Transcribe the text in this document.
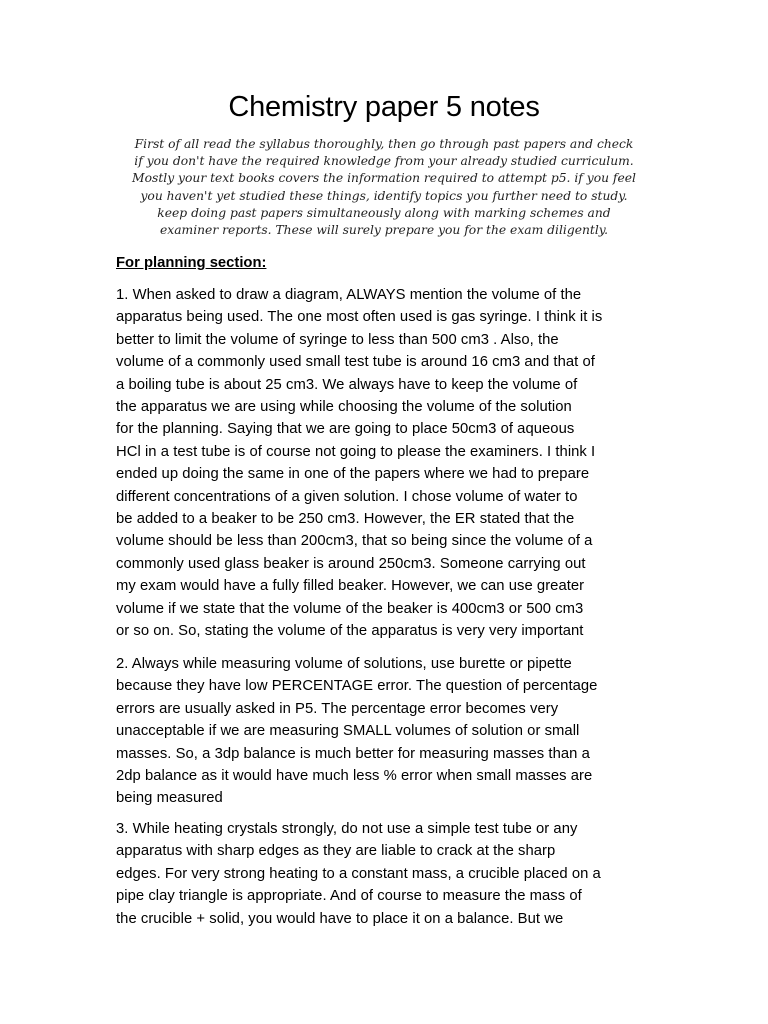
Chemistry paper 5 notes

First of all read the syllabus thoroughly, then go through past papers and check
if you don't have the required knowledge from your already studied curriculum.
Mostly your text books covers the information required to attempt p5. if you feel
you haven't yet studied these things, identify topics you further need to study.
keep doing past papers simultaneously along with marking schemes and
examiner reports. These will surely prepare you for the exam diligently.

For planning section:

1. When asked to draw a diagram, ALWAYS mention the volume of the
apparatus being used. The one most often used is gas syringe. I think it is
better to limit the volume of syringe to less than 500 cm3 . Also, the
volume of a commonly used small test tube is around 16 cm3 and that of
a boiling tube is about 25 cm3. We always have to keep the volume of
the apparatus we are using while choosing the volume of the solution
for the planning. Saying that we are going to place 50cm3 of aqueous
HCl in a test tube is of course not going to please the examiners. I think I
ended up doing the same in one of the papers where we had to prepare
different concentrations of a given solution. I chose volume of water to
be added to a beaker to be 250 cm3. However, the ER stated that the
volume should be less than 200cm3, that so being since the volume of a
commonly used glass beaker is around 250cm3. Someone carrying out
my exam would have a fully filled beaker. However, we can use greater
volume if we state that the volume of the beaker is 400cm3 or 500 cm3
or so on. So, stating the volume of the apparatus is very very important

2. Always while measuring volume of solutions, use burette or pipette
because they have low PERCENTAGE error. The question of percentage
errors are usually asked in P5. The percentage error becomes very
unacceptable if we are measuring SMALL volumes of solution or small
masses. So, a 3dp balance is much better for measuring masses than a
2dp balance as it would have much less % error when small masses are
being measured

3. While heating crystals strongly, do not use a simple test tube or any
apparatus with sharp edges as they are liable to crack at the sharp
edges. For very strong heating to a constant mass, a crucible placed on a
pipe clay triangle is appropriate. And of course to measure the mass of
the crucible + solid, you would have to place it on a balance. But we
